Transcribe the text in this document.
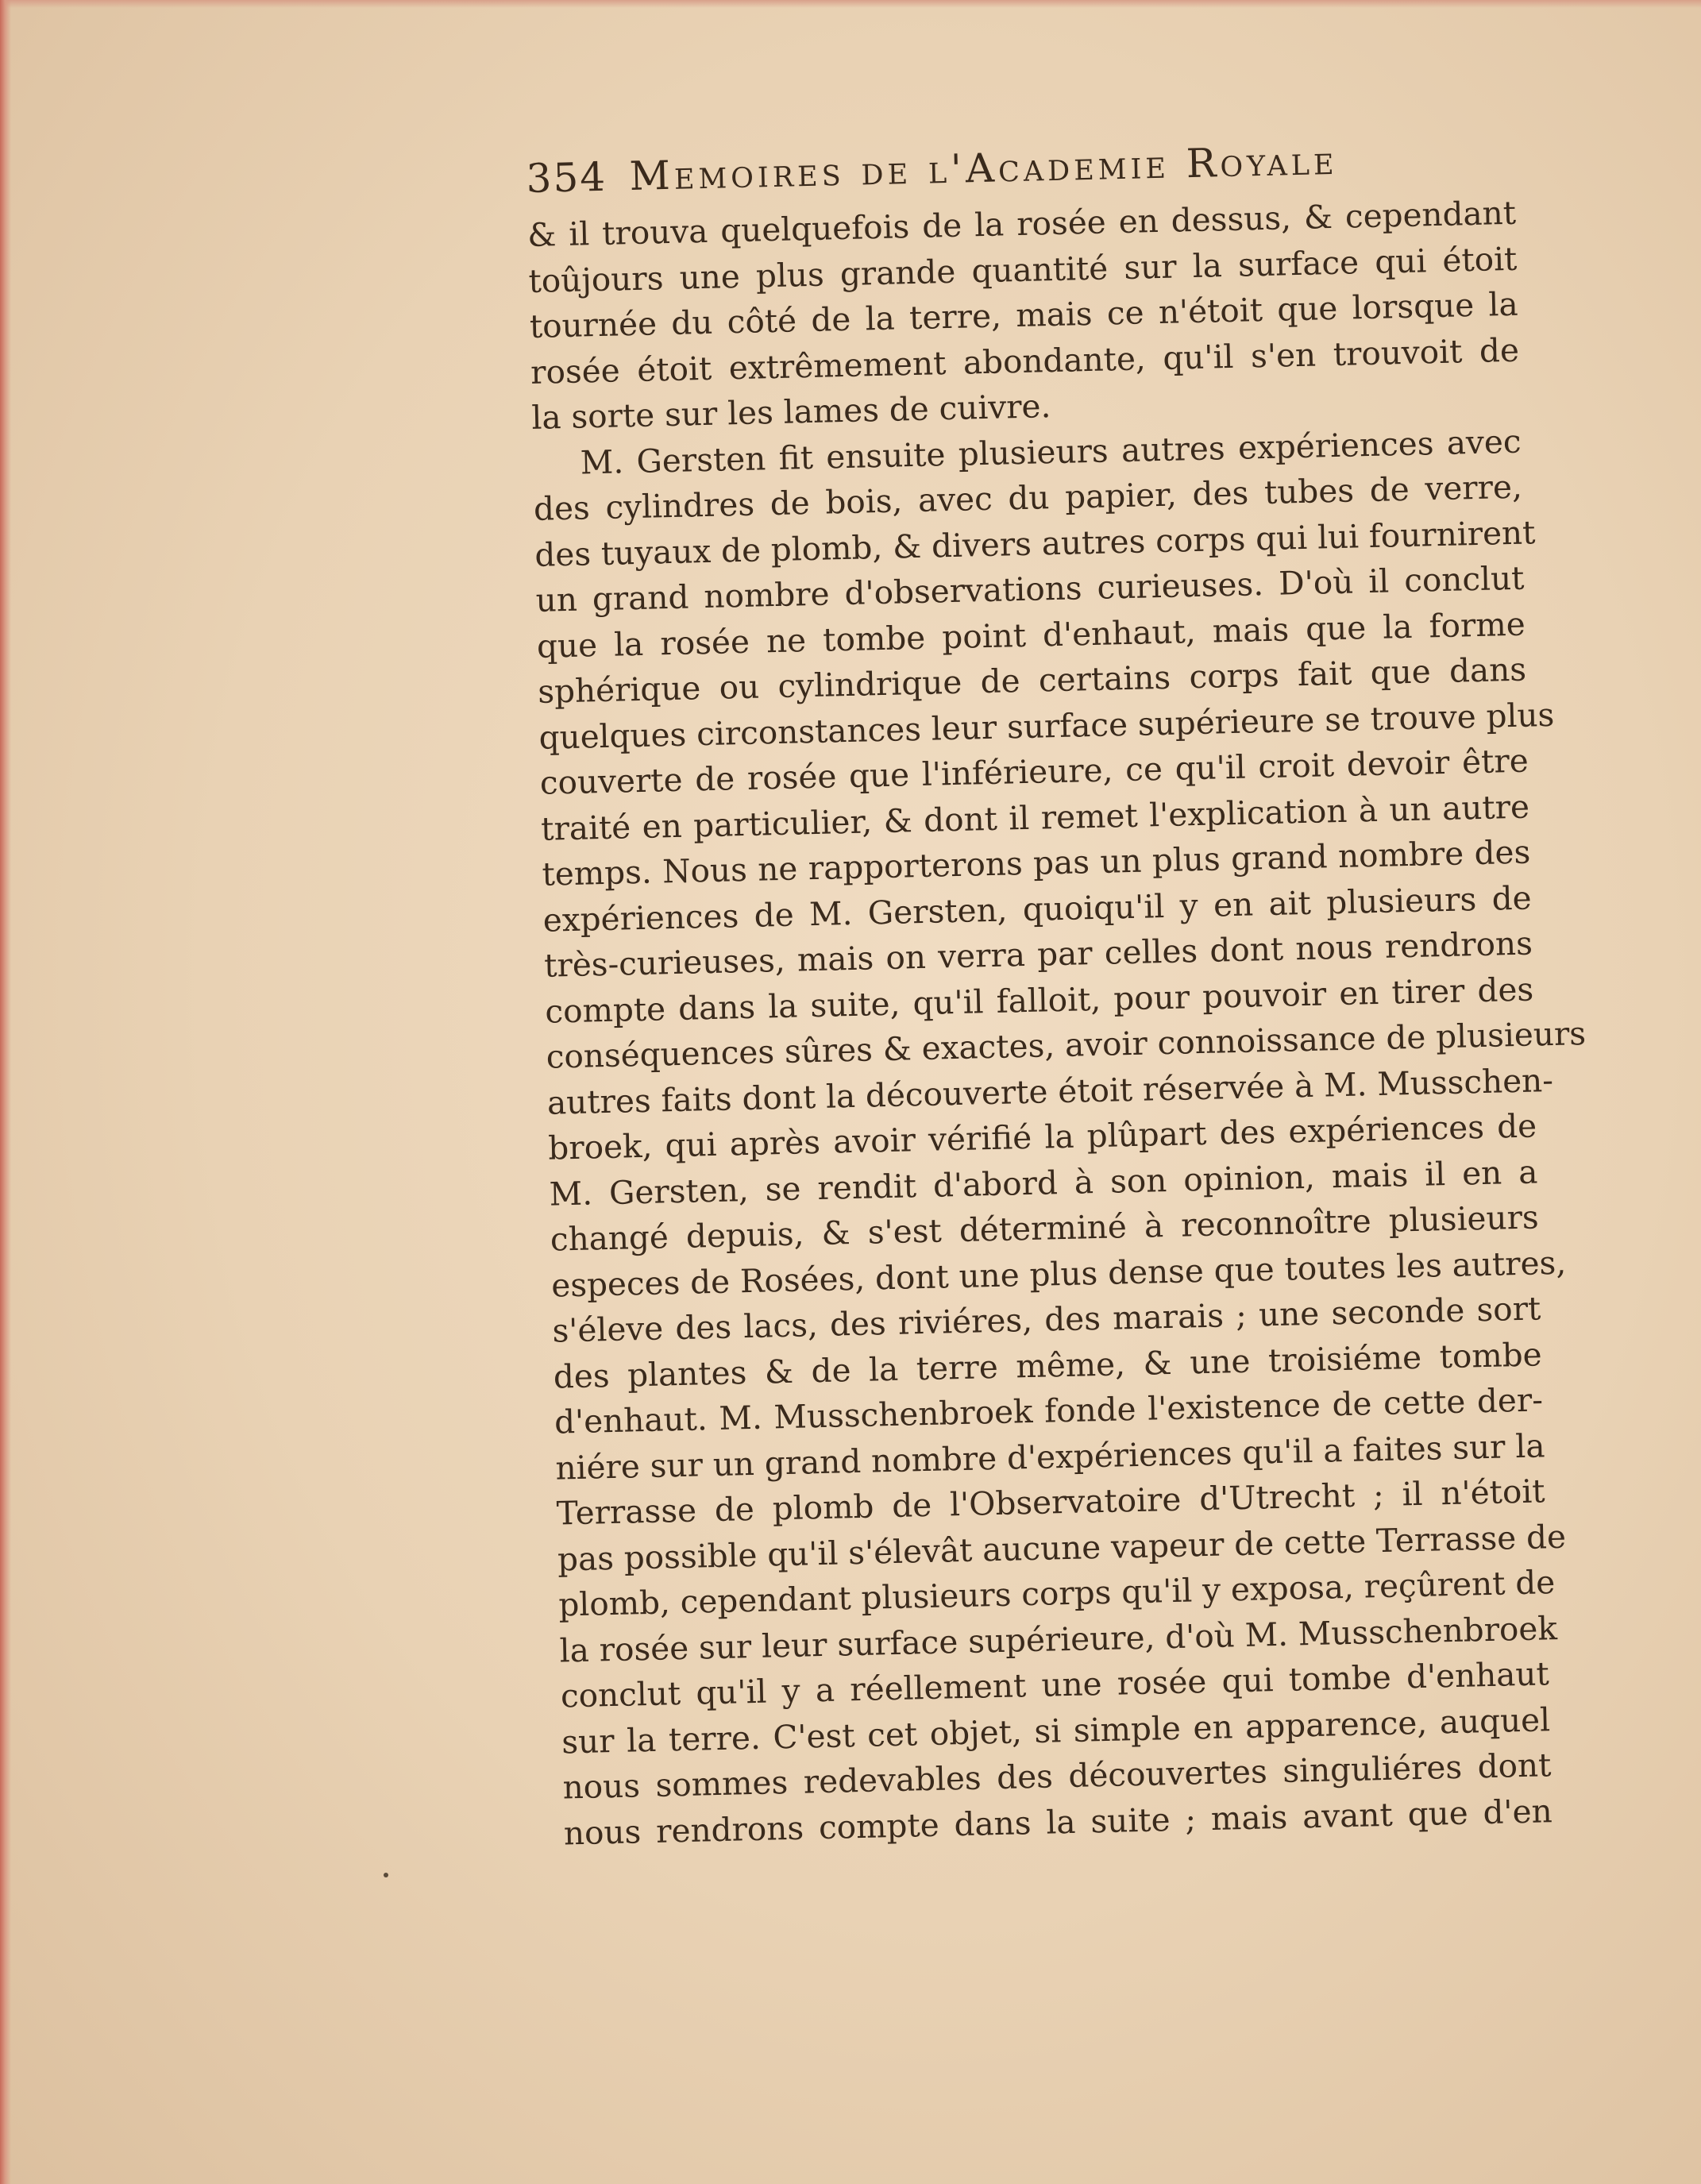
354 Memoires de l'Academie Royale

& il trouva quelquefois de la rosée en dessus, & cependant
toûjours une plus grande quantité sur la surface qui étoit
tournée du côté de la terre, mais ce n'étoit que lorsque la
rosée étoit extrêmement abondante, qu'il s'en trouvoit de
la sorte sur les lames de cuivre.

M. Gersten fit ensuite plusieurs autres expériences avec
des cylindres de bois, avec du papier, des tubes de verre,
des tuyaux de plomb, & divers autres corps qui lui fournirent
un grand nombre d'observations curieuses. D'où il conclut
que la rosée ne tombe point d'enhaut, mais que la forme
sphérique ou cylindrique de certains corps fait que dans
quelques circonstances leur surface supérieure se trouve plus
couverte de rosée que l'inférieure, ce qu'il croit devoir être
traité en particulier, & dont il remet l'explication à un autre
temps. Nous ne rapporterons pas un plus grand nombre des
expériences de M. Gersten, quoiqu'il y en ait plusieurs de
très-curieuses, mais on verra par celles dont nous rendrons
compte dans la suite, qu'il falloit, pour pouvoir en tirer des
conséquences sûres & exactes, avoir connoissance de plusieurs
autres faits dont la découverte étoit réservée à M. Musschen-
broek, qui après avoir vérifié la plûpart des expériences de
M. Gersten, se rendit d'abord à son opinion, mais il en a
changé depuis, & s'est déterminé à reconnoître plusieurs
especes de Rosées, dont une plus dense que toutes les autres,
s'éleve des lacs, des riviéres, des marais ; une seconde sort
des plantes & de la terre même, & une troisiéme tombe
d'enhaut. M. Musschenbroek fonde l'existence de cette der-
niére sur un grand nombre d'expériences qu'il a faites sur la
Terrasse de plomb de l'Observatoire d'Utrecht ; il n'étoit
pas possible qu'il s'élevât aucune vapeur de cette Terrasse de
plomb, cependant plusieurs corps qu'il y exposa, reçûrent de
la rosée sur leur surface supérieure, d'où M. Musschenbroek
conclut qu'il y a réellement une rosée qui tombe d'enhaut
sur la terre. C'est cet objet, si simple en apparence, auquel
nous sommes redevables des découvertes singuliéres dont
nous rendrons compte dans la suite ; mais avant que d'en
